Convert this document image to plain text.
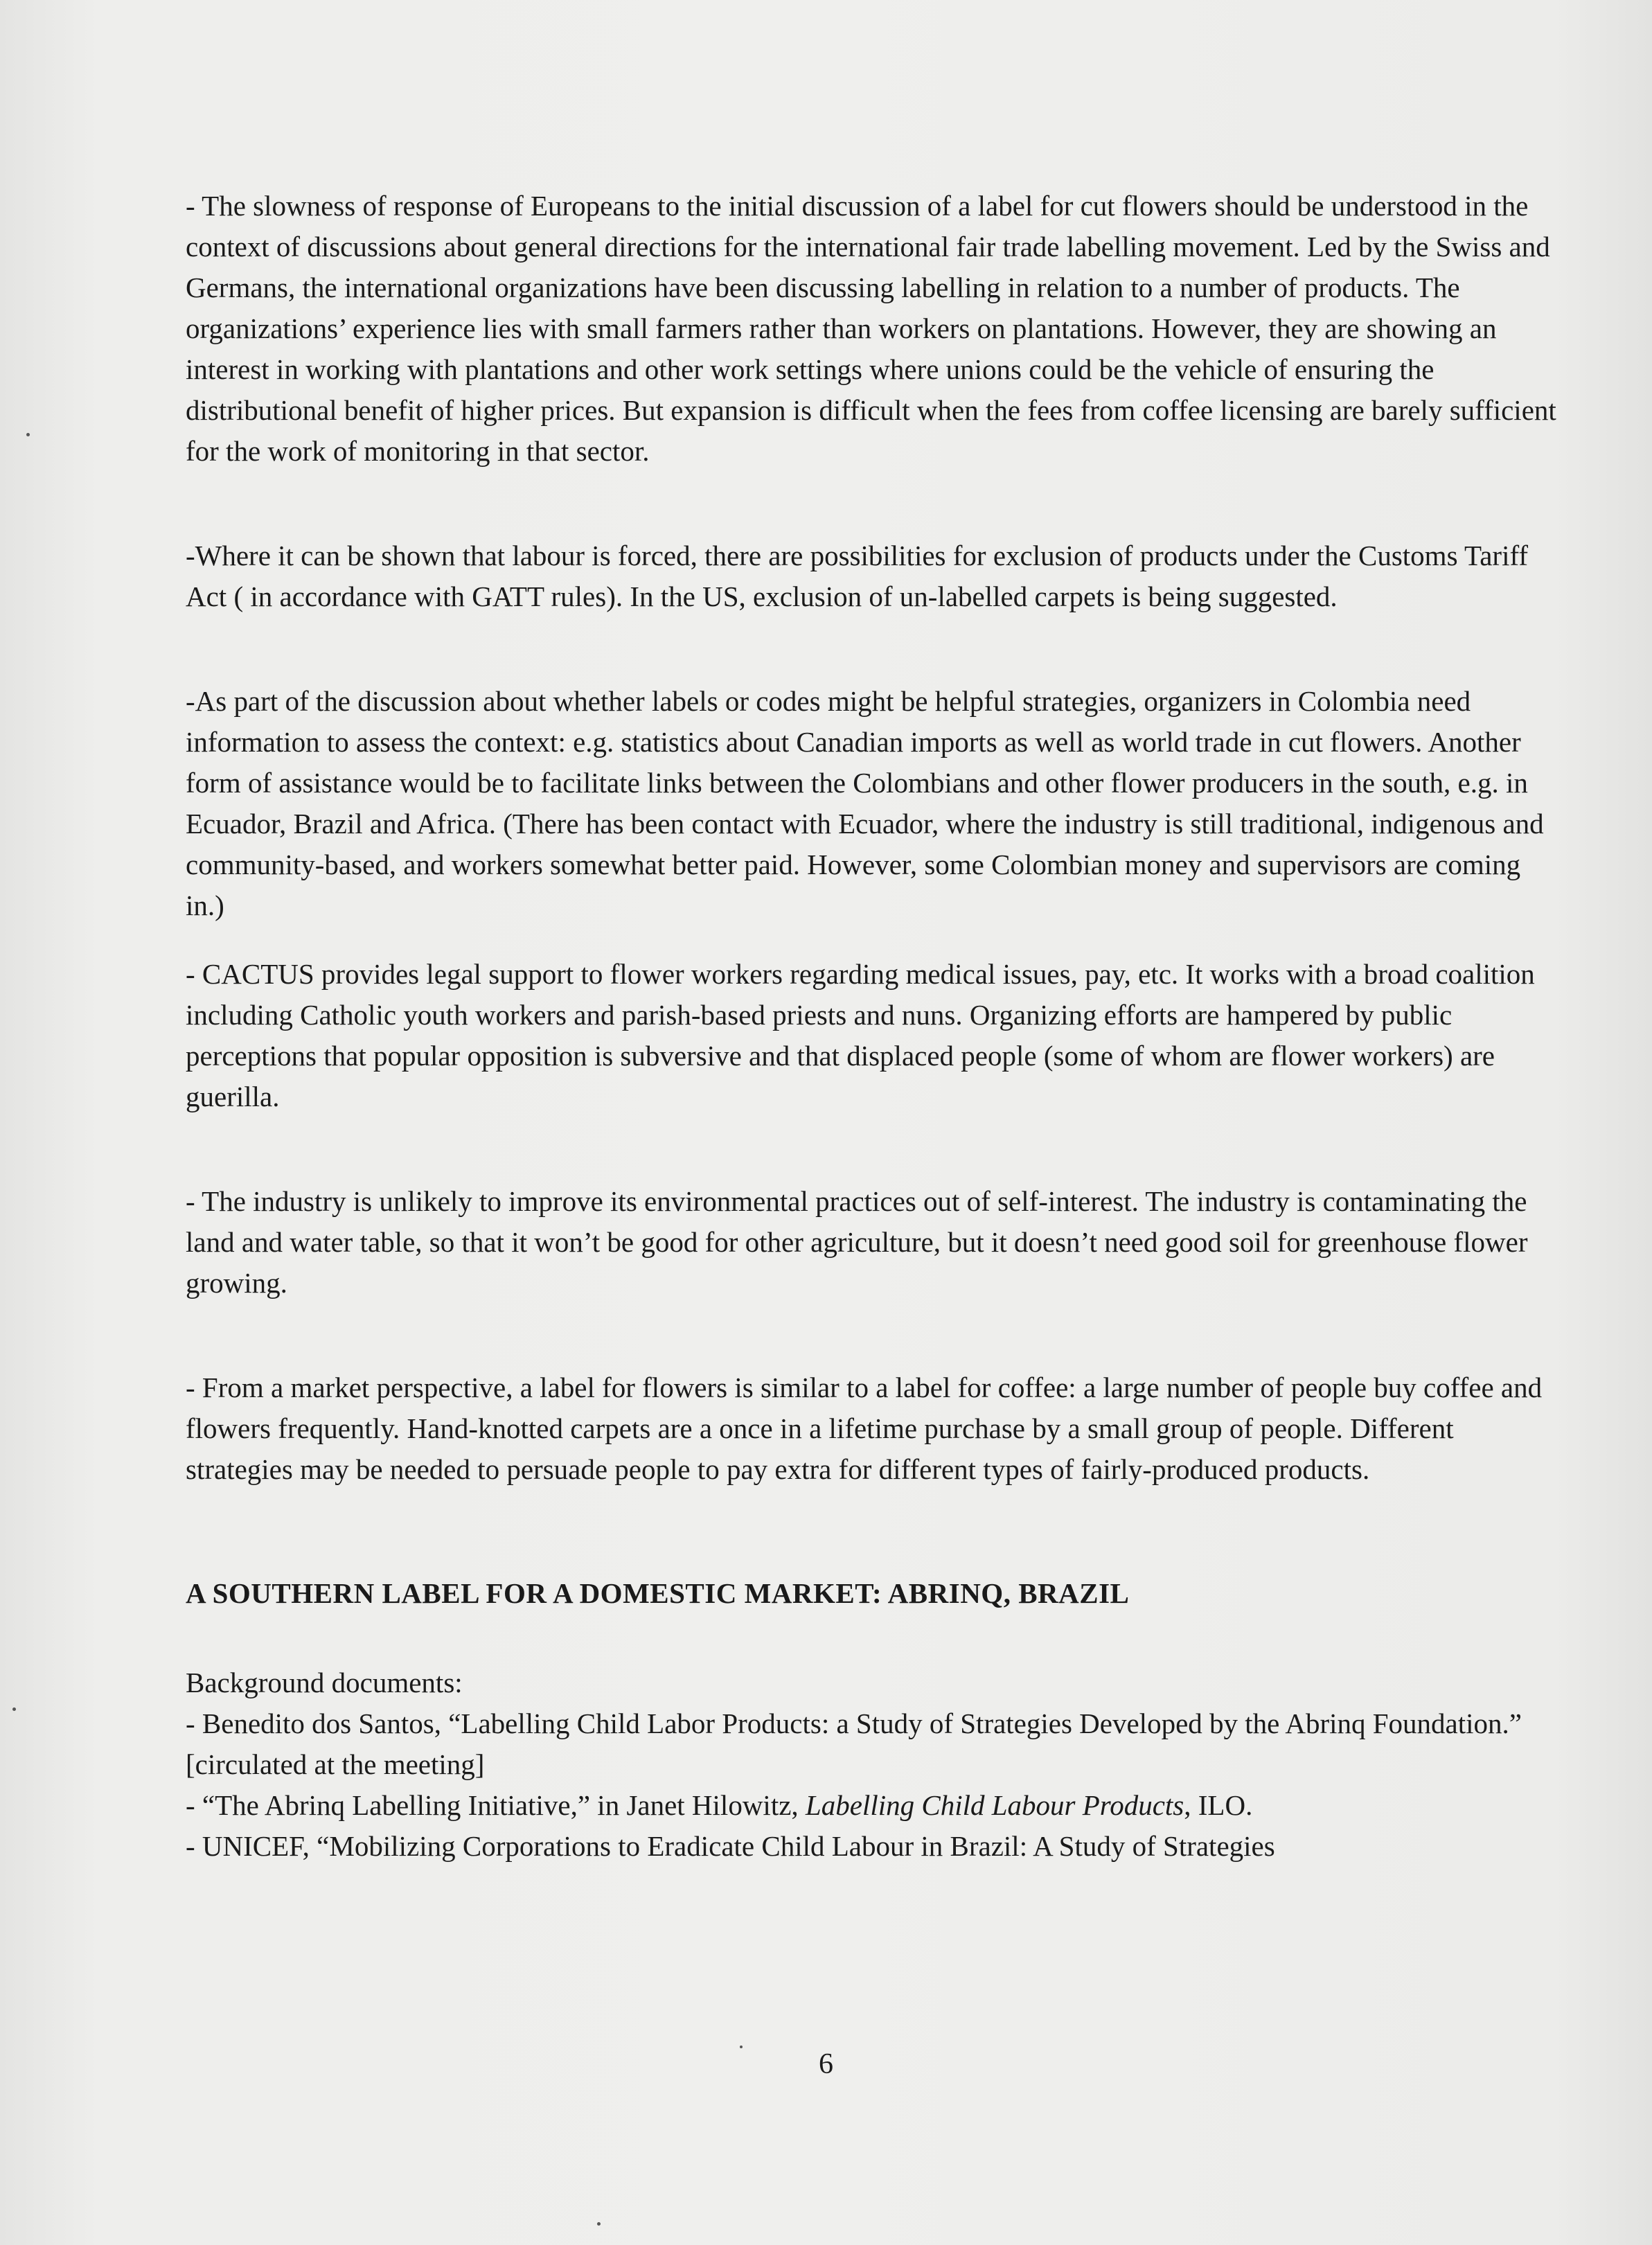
- The slowness of response of Europeans to the initial discussion of a label for cut flowers should be understood in the context of discussions about general directions for the international fair trade labelling movement. Led by the Swiss and Germans, the international organizations have been discussing labelling in relation to a number of products. The organizations’ experience lies with small farmers rather than workers on plantations. However, they are showing an interest in working with plantations and other work settings where unions could be the vehicle of ensuring the distributional benefit of higher prices. But expansion is difficult when the fees from coffee licensing are barely sufficient for the work of monitoring in that sector.

-Where it can be shown that labour is forced, there are possibilities for exclusion of products under the Customs Tariff Act ( in accordance with GATT rules). In the US, exclusion of un-labelled carpets is being suggested.

-As part of the discussion about whether labels or codes might be helpful strategies, organizers in Colombia need information to assess the context: e.g. statistics about Canadian imports as well as world trade in cut flowers. Another form of assistance would be to facilitate links between the Colombians and other flower producers in the south, e.g. in Ecuador, Brazil and Africa. (There has been contact with Ecuador, where the industry is still traditional, indigenous and community-based, and workers somewhat better paid. However, some Colombian money and supervisors are coming in.)

- CACTUS provides legal support to flower workers regarding medical issues, pay, etc. It works with a broad coalition including Catholic youth workers and parish-based priests and nuns. Organizing efforts are hampered by public perceptions that popular opposition is subversive and that displaced people (some of whom are flower workers) are guerilla.

- The industry is unlikely to improve its environmental practices out of self-interest. The industry is contaminating the land and water table, so that it won’t be good for other agriculture, but it doesn’t need good soil for greenhouse flower growing.

- From a market perspective, a label for flowers is similar to a label for coffee: a large number of people buy coffee and flowers frequently. Hand-knotted carpets are a once in a lifetime purchase by a small group of people. Different strategies may be needed to persuade people to pay extra for different types of fairly-produced products.

A SOUTHERN LABEL FOR A DOMESTIC MARKET: ABRINQ, BRAZIL

Background documents:

- Benedito dos Santos, “Labelling Child Labor Products: a Study of Strategies Developed by the Abrinq Foundation.” [circulated at the meeting]

- “The Abrinq Labelling Initiative,” in Janet Hilowitz, Labelling Child Labour Products, ILO.

- UNICEF, “Mobilizing Corporations to Eradicate Child Labour in Brazil: A Study of Strategies

6
